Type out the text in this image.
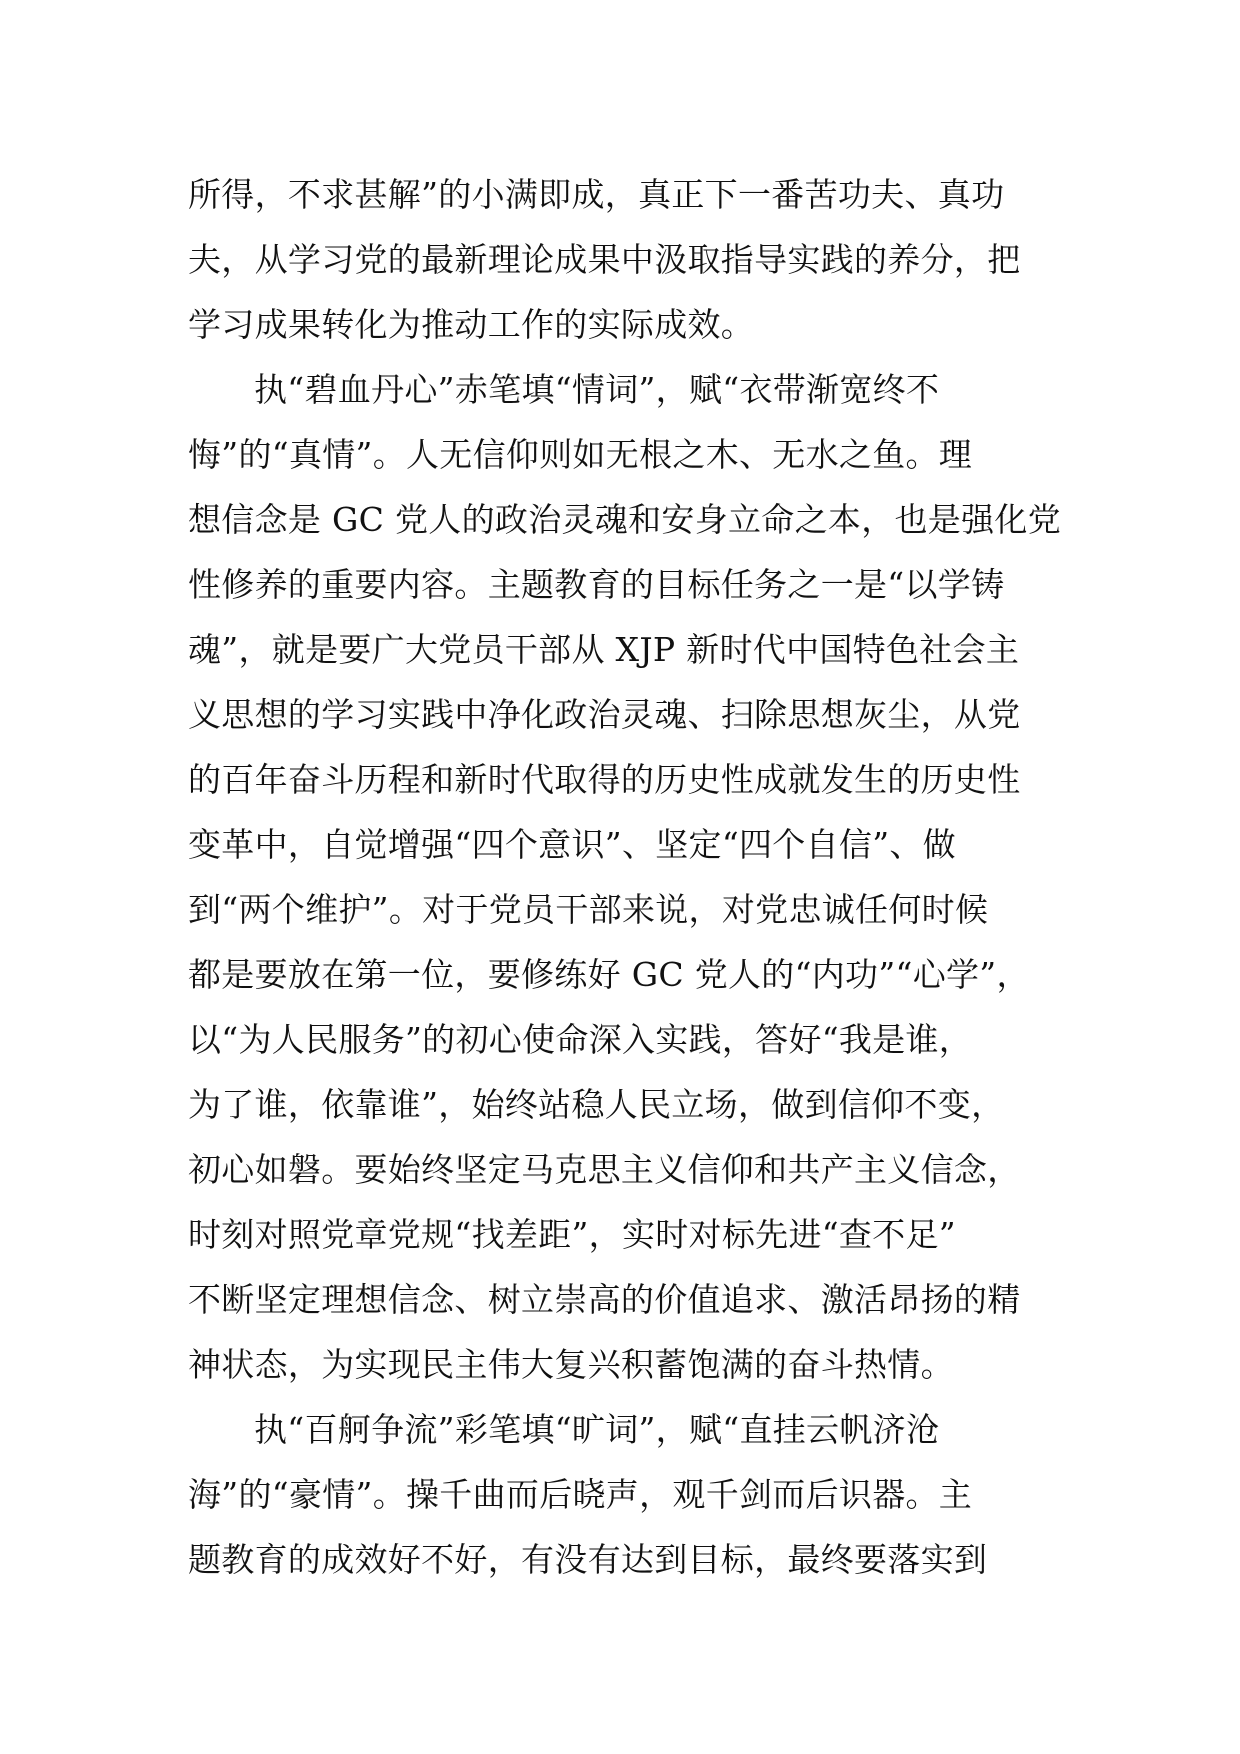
所得，不求甚解”的小满即成，真正下一番苦功夫、真功
夫，从学习党的最新理论成果中汲取指导实践的养分，把
学习成果转化为推动工作的实际成效。
执“碧血丹心”赤笔填“情词”，赋“衣带渐宽终不
悔”的“真情”。人无信仰则如无根之木、无水之鱼。理
想信念是 GC 党人的政治灵魂和安身立命之本，也是强化党
性修养的重要内容。主题教育的目标任务之一是“以学铸
魂”，就是要广大党员干部从 XJP 新时代中国特色社会主
义思想的学习实践中净化政治灵魂、扫除思想灰尘，从党
的百年奋斗历程和新时代取得的历史性成就发生的历史性
变革中，自觉增强“四个意识”、坚定“四个自信”、做
到“两个维护”。对于党员干部来说，对党忠诚任何时候
都是要放在第一位，要修练好 GC 党人的“内功”“心学”，
以“为人民服务”的初心使命深入实践，答好“我是谁，
为了谁，依靠谁”，始终站稳人民立场，做到信仰不变，
初心如磐。要始终坚定马克思主义信仰和共产主义信念，
时刻对照党章党规“找差距”，实时对标先进“查不足”
不断坚定理想信念、树立崇高的价值追求、激活昂扬的精
神状态，为实现民主伟大复兴积蓄饱满的奋斗热情。
执“百舸争流”彩笔填“旷词”，赋“直挂云帆济沧
海”的“豪情”。操千曲而后晓声，观千剑而后识器。主
题教育的成效好不好，有没有达到目标，最终要落实到
